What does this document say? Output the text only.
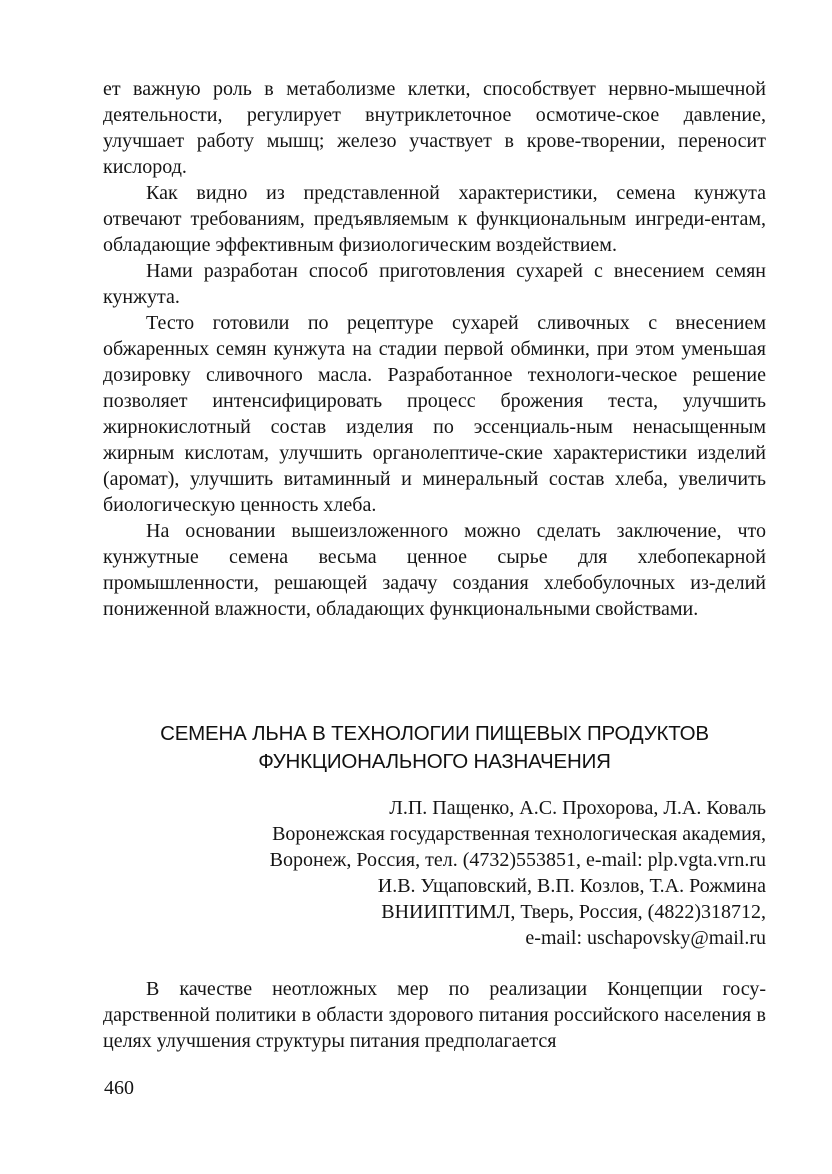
ет важную роль в метаболизме клетки, способствует нервно-мышечной деятельности, регулирует внутриклеточное осмотиче-ское давление, улучшает работу мышц; железо участвует в крове-творении, переносит кислород.

Как видно из представленной характеристики, семена кунжута отвечают требованиям, предъявляемым к функциональным ингреди-ентам, обладающие эффективным физиологическим воздействием.

Нами разработан способ приготовления сухарей с внесением семян кунжута.

Тесто готовили по рецептуре сухарей сливочных с внесением обжаренных семян кунжута на стадии первой обминки, при этом уменьшая дозировку сливочного масла. Разработанное технологи-ческое решение позволяет интенсифицировать процесс брожения теста, улучшить жирнокислотный состав изделия по эссенциаль-ным ненасыщенным жирным кислотам, улучшить органолептиче-ские характеристики изделий (аромат), улучшить витаминный и минеральный состав хлеба, увеличить биологическую ценность хлеба.

На основании вышеизложенного можно сделать заключение, что кунжутные семена весьма ценное сырье для хлебопекарной промышленности, решающей задачу создания хлебобулочных из-делий пониженной влажности, обладающих функциональными свойствами.

СЕМЕНА ЛЬНА В ТЕХНОЛОГИИ ПИЩЕВЫХ ПРОДУКТОВ
ФУНКЦИОНАЛЬНОГО НАЗНАЧЕНИЯ
Л.П. Пащенко, А.С. Прохорова, Л.А. Коваль
Воронежская государственная технологическая академия,
Воронеж, Россия, тел. (4732)553851, e-mail: plp.vgta.vrn.ru
И.В. Ущаповский, В.П. Козлов, Т.А. Рожмина
ВНИИПТИМЛ, Тверь, Россия, (4822)318712,
e-mail: uschapovsky@mail.ru

В качестве неотложных мер по реализации Концепции госу-дарственной политики в области здорового питания российского населения в целях улучшения структуры питания предполагается

460
